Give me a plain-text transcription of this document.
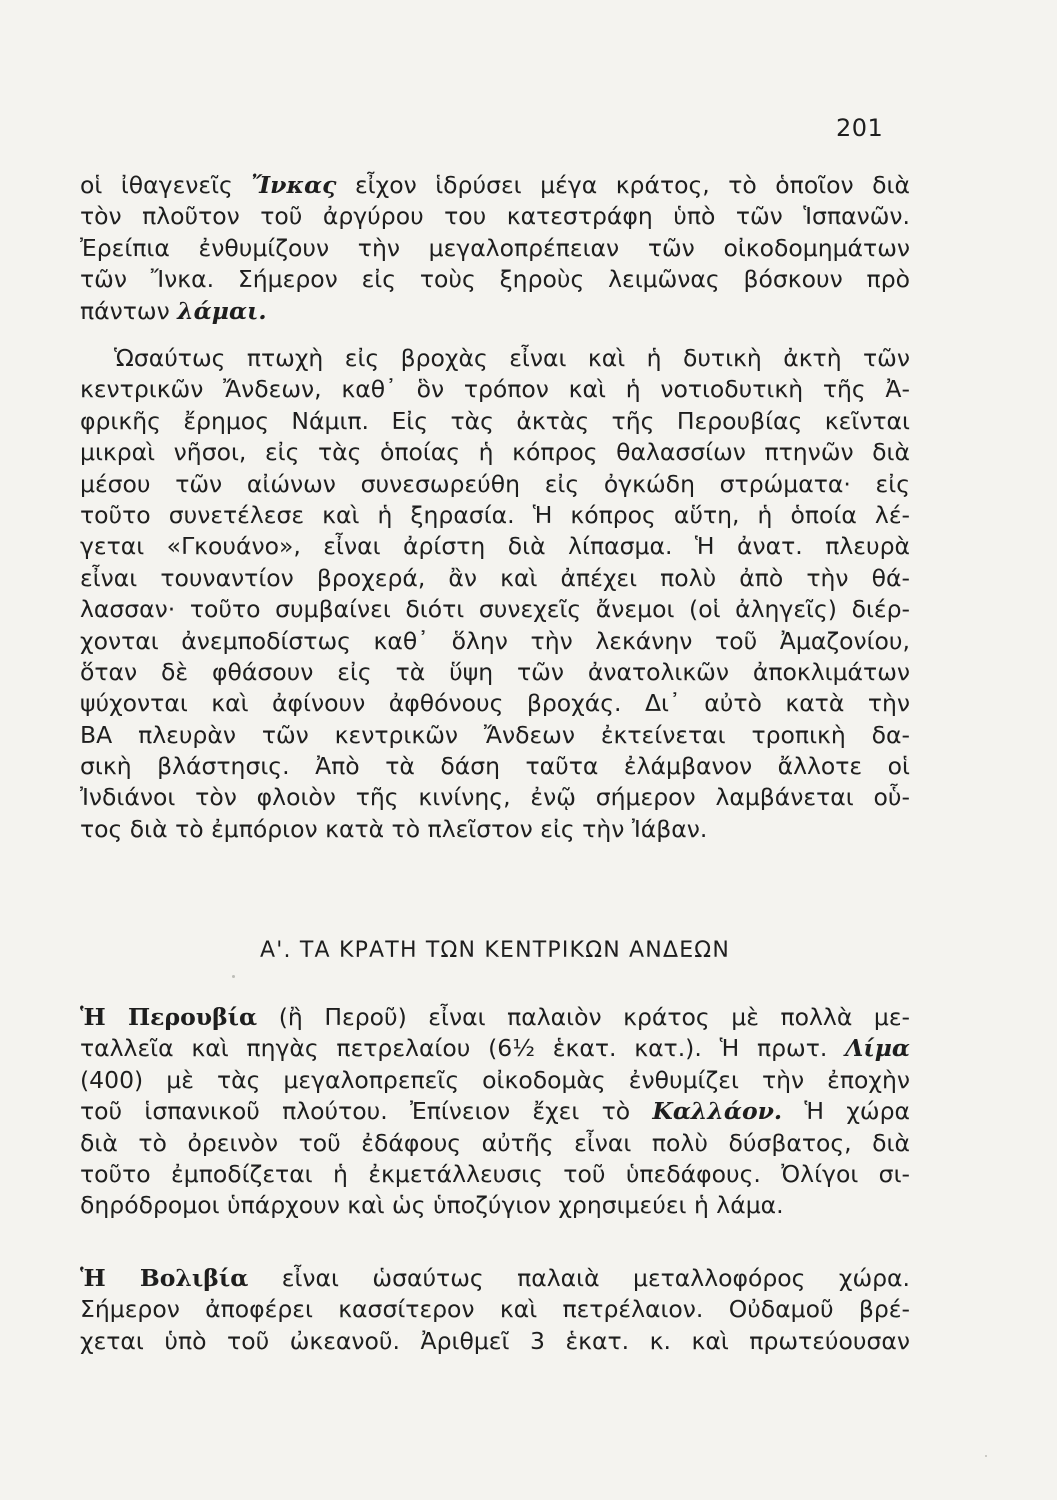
201
οἱ ἰθαγενεῖς Ἴνκας εἶχον ἱδρύσει μέγα κράτος, τὸ ὁποῖον διὰ
τὸν πλοῦτον τοῦ ἀργύρου του κατεστράφη ὑπὸ τῶν Ἱσπανῶν.
Ἐρείπια ἐνθυμίζουν τὴν μεγαλοπρέπειαν τῶν οἰκοδομημάτων
τῶν Ἴνκα. Σήμερον εἰς τοὺς ξηροὺς λειμῶνας βόσκουν πρὸ
πάντων λάμαι.
Ὡσαύτως πτωχὴ εἰς βροχὰς εἶναι καὶ ἡ δυτικὴ ἀκτὴ τῶν
κεντρικῶν Ἄνδεων, καθ᾿ ὃν τρόπον καὶ ἡ νοτιοδυτικὴ τῆς Ἀ-
φρικῆς ἔρημος Νάμιπ. Εἰς τὰς ἀκτὰς τῆς Περουβίας κεῖνται
μικραὶ νῆσοι, εἰς τὰς ὁποίας ἡ κόπρος θαλασσίων πτηνῶν διὰ
μέσου τῶν αἰώνων συνεσωρεύθη εἰς ὀγκώδη στρώματα· εἰς
τοῦτο συνετέλεσε καὶ ἡ ξηρασία. Ἡ κόπρος αὕτη, ἡ ὁποία λέ-
γεται «Γκουάνο», εἶναι ἀρίστη διὰ λίπασμα. Ἡ ἀνατ. πλευρὰ
εἶναι τουναντίον βροχερά, ἂν καὶ ἀπέχει πολὺ ἀπὸ τὴν θά-
λασσαν· τοῦτο συμβαίνει διότι συνεχεῖς ἄνεμοι (οἱ ἀληγεῖς) διέρ-
χονται ἀνεμποδίστως καθ᾿ ὅλην τὴν λεκάνην τοῦ Ἀμαζονίου,
ὅταν δὲ φθάσουν εἰς τὰ ὕψη τῶν ἀνατολικῶν ἀποκλιμάτων
ψύχονται καὶ ἀφίνουν ἀφθόνους βροχάς. Δι᾿ αὐτὸ κατὰ τὴν
ΒΑ πλευρὰν τῶν κεντρικῶν Ἄνδεων ἐκτείνεται τροπικὴ δα-
σικὴ βλάστησις. Ἀπὸ τὰ δάση ταῦτα ἐλάμβανον ἄλλοτε οἱ
Ἰνδιάνοι τὸν φλοιὸν τῆς κινίνης, ἐνῷ σήμερον λαμβάνεται οὗ-
τος διὰ τὸ ἐμπόριον κατὰ τὸ πλεῖστον εἰς τὴν Ἰάβαν.
Α'. ΤΑ ΚΡΑΤΗ ΤΩΝ ΚΕΝΤΡΙΚΩΝ ΑΝΔΕΩΝ
Ἡ Περουβία (ἢ Περοῦ) εἶναι παλαιὸν κράτος μὲ πολλὰ με-
ταλλεῖα καὶ πηγὰς πετρελαίου (6½ ἑκατ. κατ.). Ἡ πρωτ. Λίμα
(400) μὲ τὰς μεγαλοπρεπεῖς οἰκοδομὰς ἐνθυμίζει τὴν ἐποχὴν
τοῦ ἱσπανικοῦ πλούτου. Ἐπίνειον ἔχει τὸ Καλλάον. Ἡ χώρα
διὰ τὸ ὀρεινὸν τοῦ ἐδάφους αὐτῆς εἶναι πολὺ δύσβατος, διὰ
τοῦτο ἐμποδίζεται ἡ ἐκμετάλλευσις τοῦ ὑπεδάφους. Ὀλίγοι σι-
δηρόδρομοι ὑπάρχουν καὶ ὡς ὑποζύγιον χρησιμεύει ἡ λάμα.
Ἡ Βολιβία εἶναι ὡσαύτως παλαιὰ μεταλλοφόρος χώρα.
Σήμερον ἀποφέρει κασσίτερον καὶ πετρέλαιον. Οὐδαμοῦ βρέ-
χεται ὑπὸ τοῦ ὠκεανοῦ. Ἀριθμεῖ 3 ἑκατ. κ. καὶ πρωτεύουσαν
